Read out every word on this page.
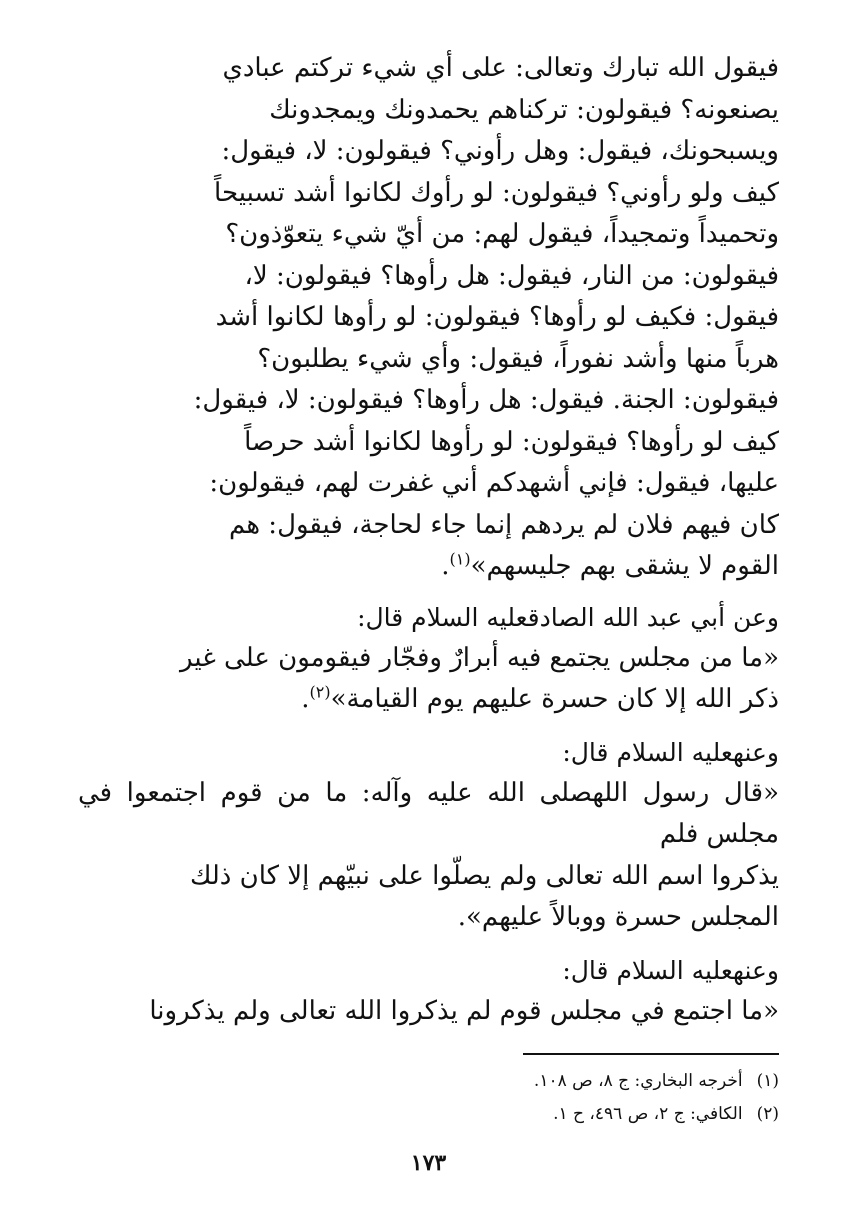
فيقول الله تبارك وتعالى: على أي شيء تركتم عبادي
يصنعونه؟ فيقولون: تركناهم يحمدونك ويمجدونك
ويسبحونك، فيقول: وهل رأوني؟ فيقولون: لا، فيقول:
كيف ولو رأوني؟ فيقولون: لو رأوك لكانوا أشد تسبيحاً
وتحميداً وتمجيداً، فيقول لهم: من أيّ شيء يتعوّذون؟
فيقولون: من النار، فيقول: هل رأوها؟ فيقولون: لا،
فيقول: فكيف لو رأوها؟ فيقولون: لو رأوها لكانوا أشد
هرباً منها وأشد نفوراً، فيقول: وأي شيء يطلبون؟
فيقولون: الجنة. فيقول: هل رأوها؟ فيقولون: لا، فيقول:
كيف لو رأوها؟ فيقولون: لو رأوها لكانوا أشد حرصاً
عليها، فيقول: فإني أشهدكم أني غفرت لهم، فيقولون:
كان فيهم فلان لم يردهم إنما جاء لحاجة، فيقول: هم
القوم لا يشقى بهم جليسهم»$^{(١)}$.
وعن أبي عبد الله الصادقعليه السلام قال:
«ما من مجلس يجتمع فيه أبرارٌ وفجّار فيقومون على غير
ذكر الله إلا كان حسرة عليهم يوم القيامة»$^{(٢)}$.
وعنهعليه السلام قال:
«قال رسول اللهصلى الله عليه وآله: ما من قوم اجتمعوا في مجلس فلم
يذكروا اسم الله تعالى ولم يصلّوا على نبيّهم إلا كان ذلك
المجلس حسرة ووبالاً عليهم».
وعنهعليه السلام قال:
«ما اجتمع في مجلس قوم لم يذكروا الله تعالى ولم يذكرونا
(١)أخرجه البخاري: ج ٨، ص ١٠٨.
(٢)الكافي: ج ٢، ص ٤٩٦، ح ١.
١٧٣
